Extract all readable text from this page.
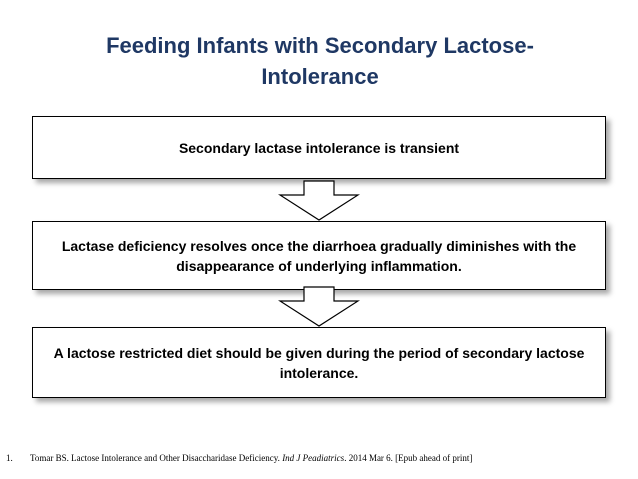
Feeding Infants with Secondary Lactose-Intolerance
Secondary lactase intolerance is transient
Lactase deficiency resolves once the diarrhoea gradually diminishes with the disappearance of underlying inflammation.
A lactose restricted diet should be given during the period of secondary lactose intolerance.
1. Tomar BS. Lactose Intolerance and Other Disaccharidase Deficiency. Ind J Peadiatrics. 2014 Mar 6. [Epub ahead of print]
